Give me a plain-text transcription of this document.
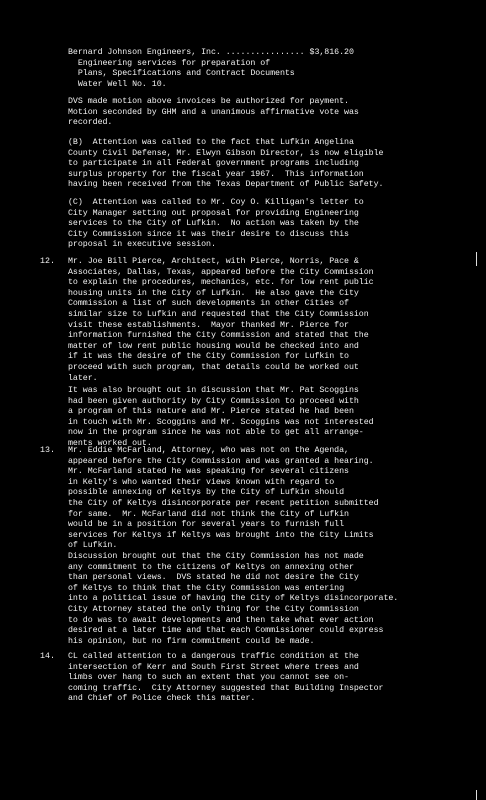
Bernard Johnson Engineers, Inc. ................ $3,816.20
Engineering services for preparation of
Plans, Specifications and Contract Documents
Water Well No. 10.
DVS made motion above invoices be authorized for payment.
Motion seconded by GHM and a unanimous affirmative vote was
recorded.
(B)  Attention was called to the fact that Lufkin Angelina
County Civil Defense, Mr. Elwyn Gibson Director, is now eligible
to participate in all Federal government programs including
surplus property for the fiscal year 1967.  This information
having been received from the Texas Department of Public Safety.
(C)  Attention was called to Mr. Coy O. Killigan's letter to
City Manager setting out proposal for providing Engineering
services to the City of Lufkin.  No action was taken by the
City Commission since it was their desire to discuss this
proposal in executive session.
12. Mr. Joe Bill Pierce, Architect, with Pierce, Norris, Pace &
Associates, Dallas, Texas, appeared before the City Commission
to explain the procedures, mechanics, etc. for low rent public
housing units in the City of Lufkin.  He also gave the City
Commission a list of such developments in other Cities of
similar size to Lufkin and requested that the City Commission
visit these establishments.  Mayor thanked Mr. Pierce for
information furnished the City Commission and stated that the
matter of low rent public housing would be checked into and
if it was the desire of the City Commission for Lufkin to
proceed with such program, that details could be worked out
later.
It was also brought out in discussion that Mr. Pat Scoggins
had been given authority by City Commission to proceed with
a program of this nature and Mr. Pierce stated he had been
in touch with Mr. Scoggins and Mr. Scoggins was not interested
now in the program since he was not able to get all arrange-
ments worked out.
13. Mr. Eddie McFarland, Attorney, who was not on the Agenda,
appeared before the City Commission and was granted a hearing.
Mr. McFarland stated he was speaking for several citizens
in Kelty's who wanted their views known with regard to
possible annexing of Keltys by the City of Lufkin should
the City of Keltys disincorporate per recent petition submitted
for same.  Mr. McFarland did not think the City of Lufkin
would be in a position for several years to furnish full
services for Keltys if Keltys was brought into the City Limits
of Lufkin.
Discussion brought out that the City Commission has not made
any commitment to the citizens of Keltys on annexing other
than personal views.  DVS stated he did not desire the City
of Keltys to think that the City Commission was entering
into a political issue of having the City of Keltys disincorporate.
City Attorney stated the only thing for the City Commission
to do was to await developments and then take what ever action
desired at a later time and that each Commissioner could express
his opinion, but no firm commitment could be made.
14. CL called attention to a dangerous traffic condition at the
intersection of Kerr and South First Street where trees and
limbs over hang to such an extent that you cannot see on-
coming traffic.  City Attorney suggested that Building Inspector
and Chief of Police check this matter.
